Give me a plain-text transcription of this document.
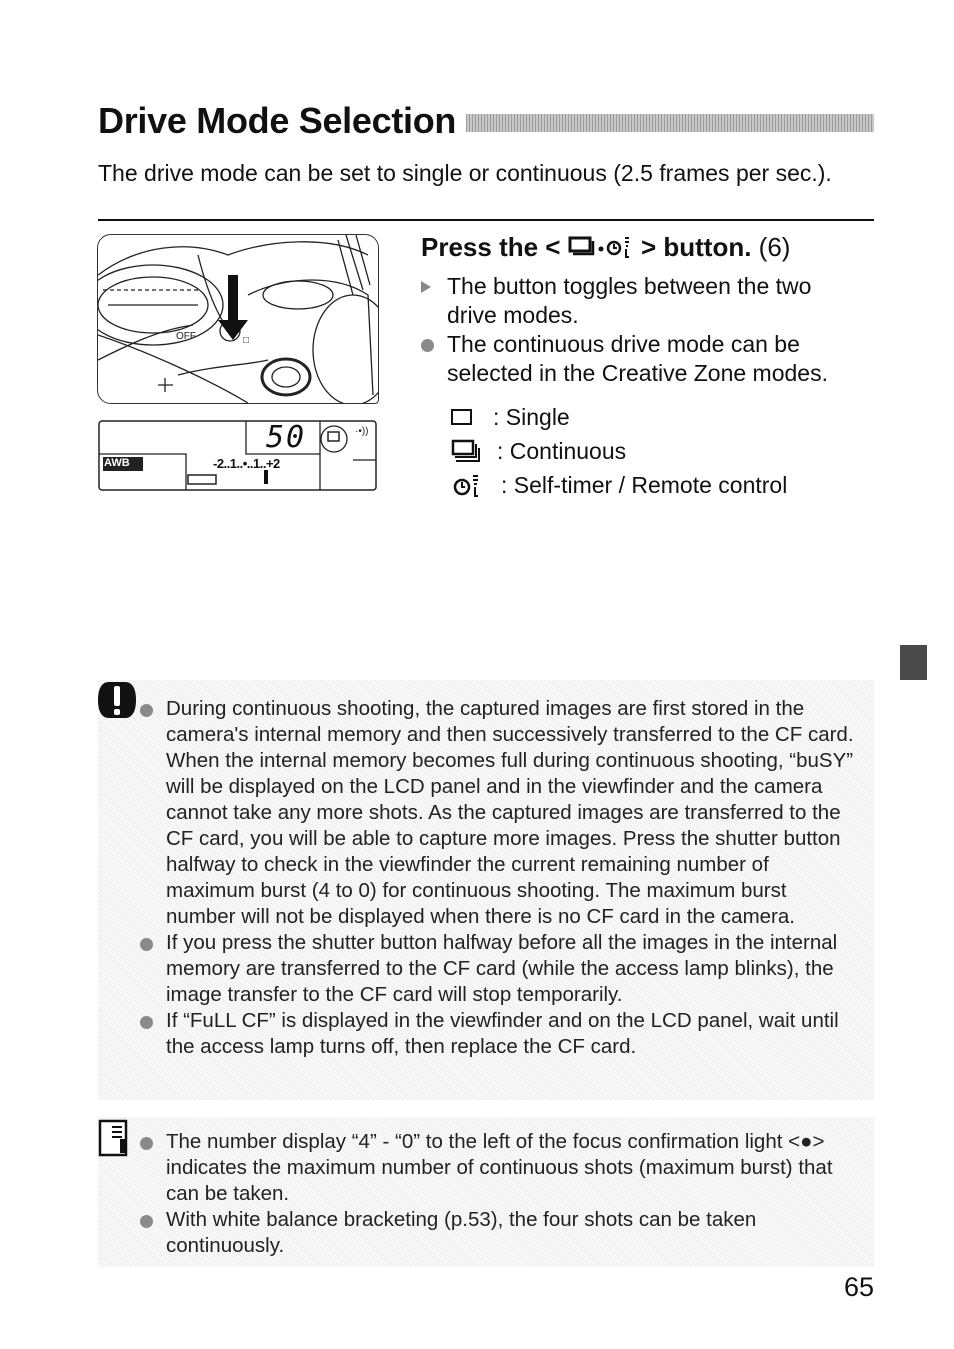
Drive Mode Selection
The drive mode can be set to single or continuous (2.5 frames per sec.).
OFF	□
·•))
50
AWB	-2..1..•..1..+2
Press the <	> button. (6)
The button toggles between the two drive modes.
The continuous drive mode can be selected in the Creative Zone modes.
: Single
: Continuous
: Self-timer / Remote control
During continuous shooting, the captured images are first stored in the camera's internal memory and then successively transferred to the CF card. When the internal memory becomes full during continuous shooting, “buSY” will be displayed on the LCD panel and in the viewfinder and the camera cannot take any more shots. As the captured images are transferred to the CF card, you will be able to capture more images. Press the shutter button halfway to check in the viewfinder the current remaining number of maximum burst (4 to 0) for continuous shooting. The maximum burst number will not be displayed when there is no CF card in the camera.
If you press the shutter button halfway before all the images in the internal memory are transferred to the CF card (while the access lamp blinks), the image transfer to the CF card will stop temporarily.
If “FuLL CF” is displayed in the viewfinder and on the LCD panel, wait until the access lamp turns off, then replace the CF card.
The number display “4” - “0” to the left of the focus confirmation light <●> indicates the maximum number of continuous shots (maximum burst) that can be taken.
With white balance bracketing (p.53), the four shots can be taken continuously.
65
